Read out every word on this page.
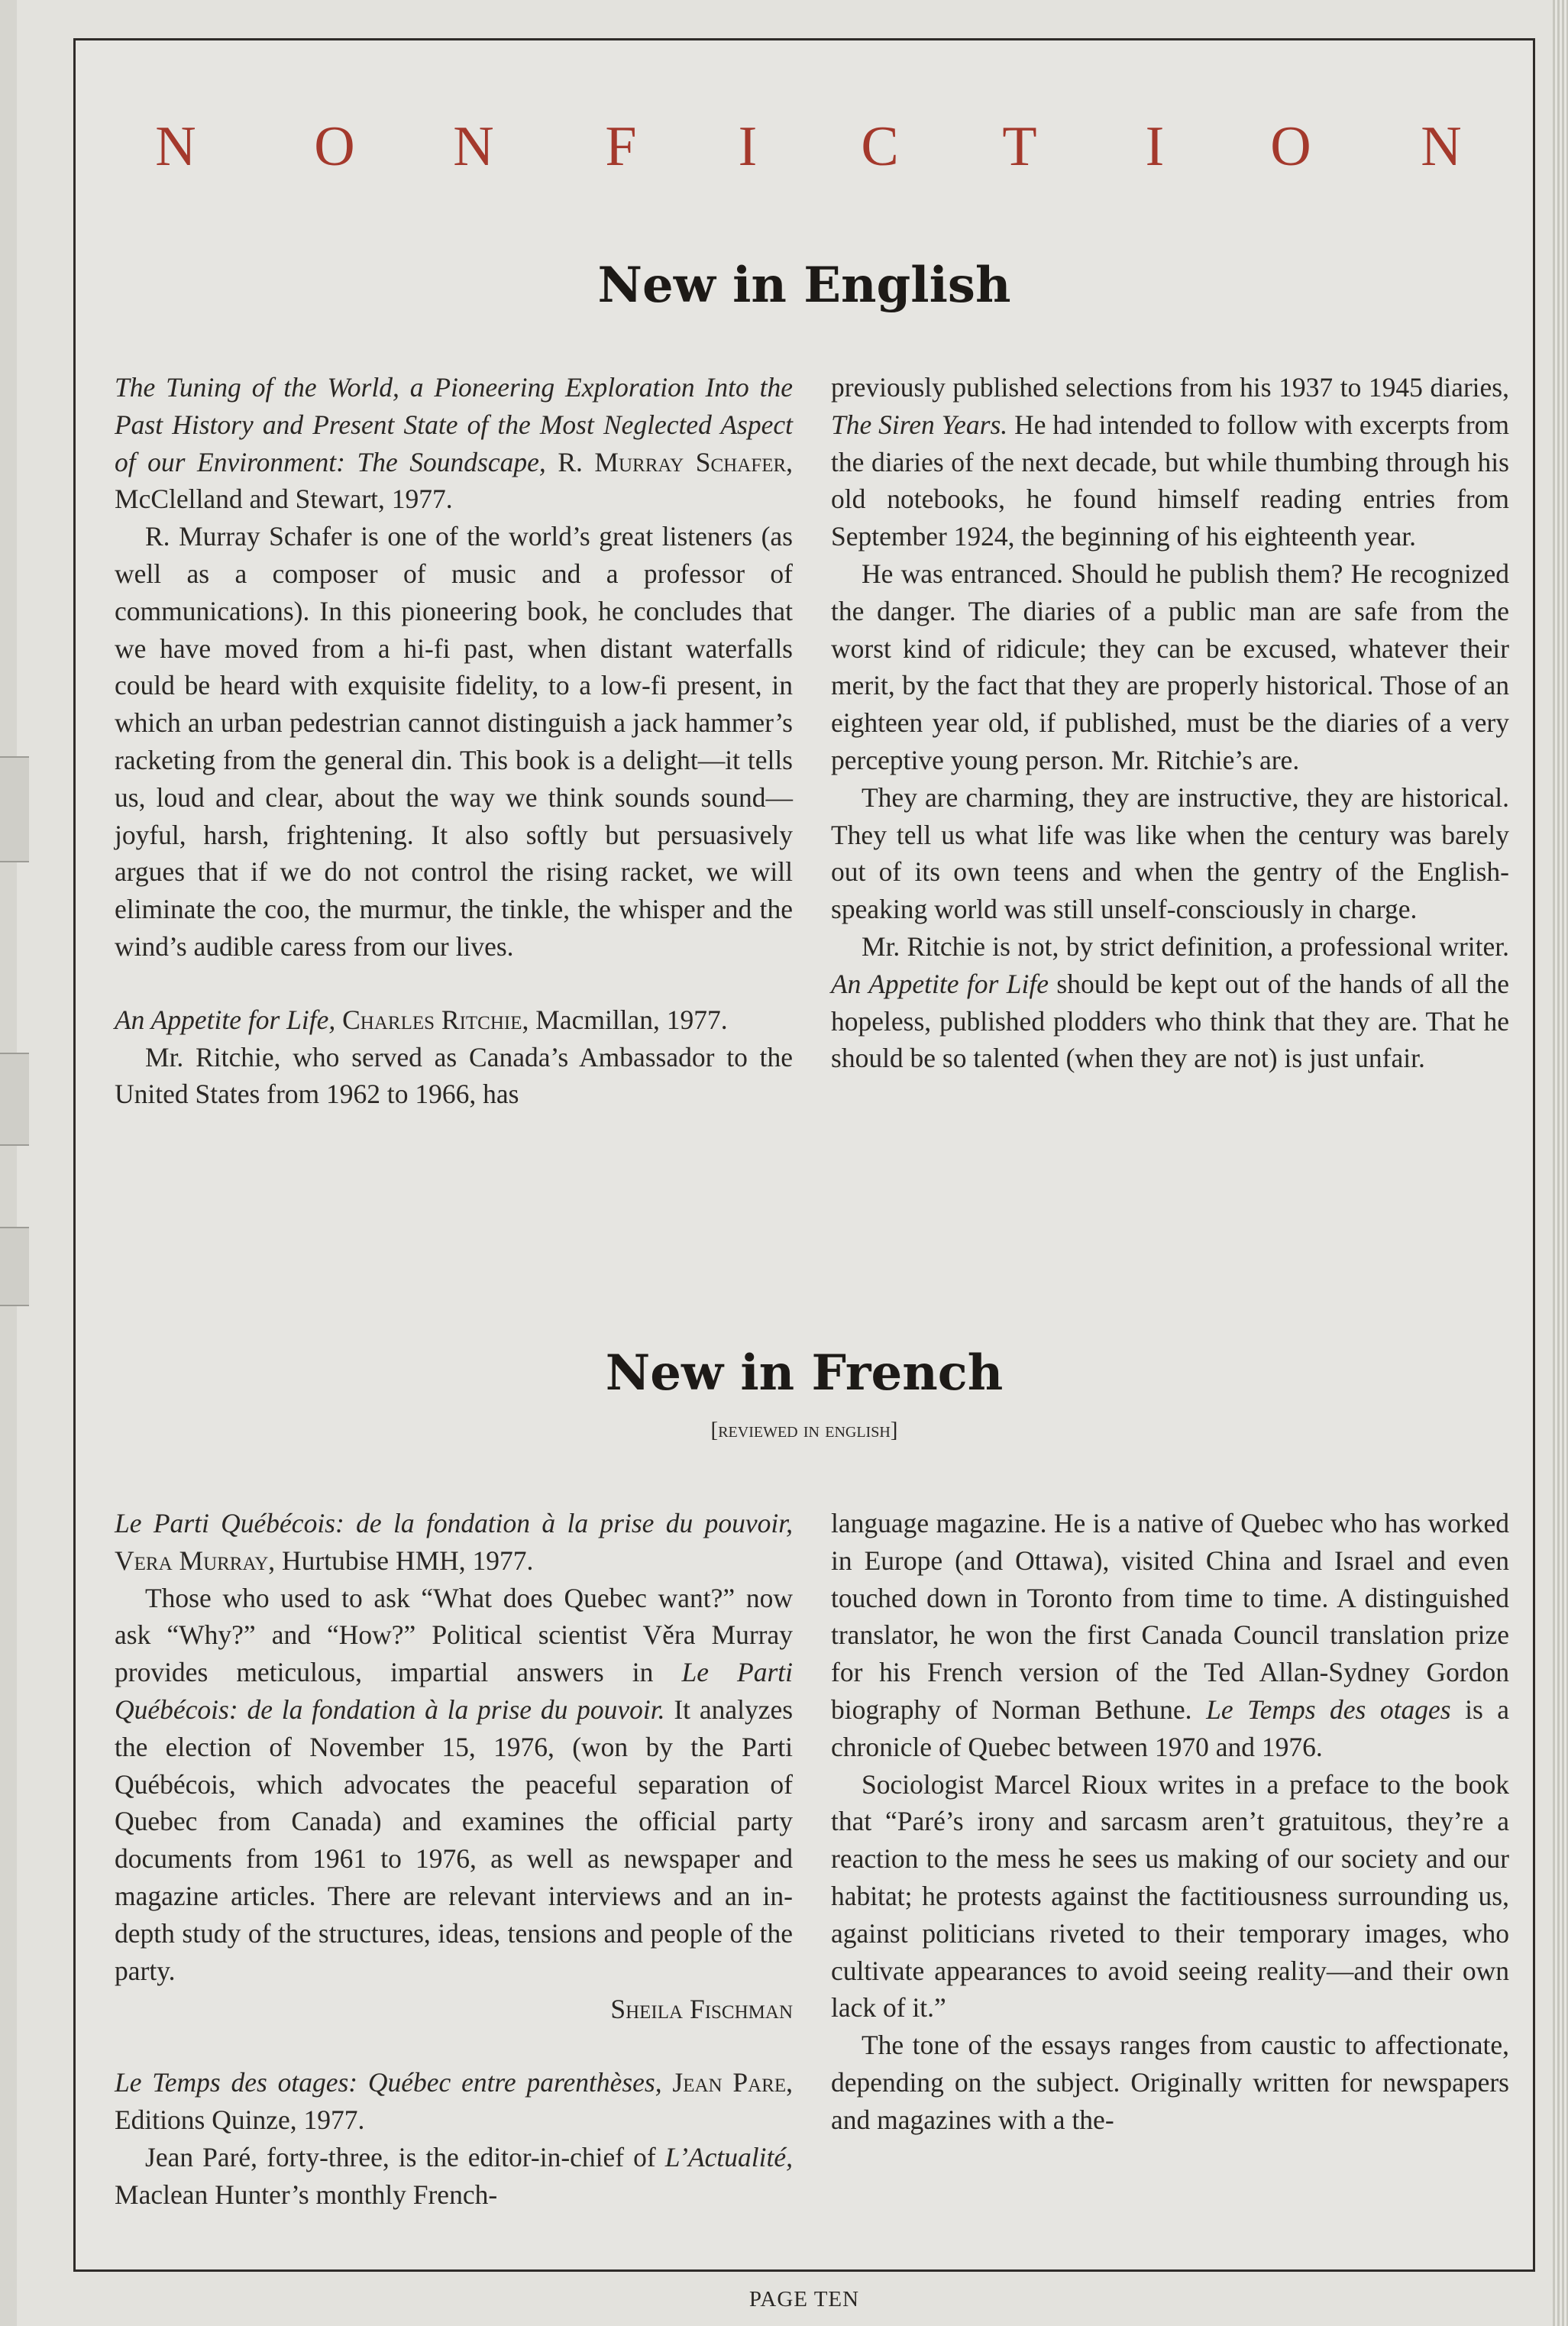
N O N	F	I	C	T	I	O N
New in English

The Tuning of the World, a Pioneering Exploration Into the Past History and Present State of the Most Neglected Aspect of our Environment: The Soundscape, R. Murray Schafer, McClelland and Stewart, 1977.

R. Murray Schafer is one of the world’s great listeners (as well as a composer of music and a professor of communications). In this pioneering book, he concludes that we have moved from a hi-fi past, when distant waterfalls could be heard with exquisite fidelity, to a low-fi present, in which an urban pedestrian cannot distinguish a jack hammer’s racketing from the general din. This book is a delight—it tells us, loud and clear, about the way we think sounds sound—joyful, harsh, frightening. It also softly but persuasively argues that if we do not control the rising racket, we will eliminate the coo, the murmur, the tinkle, the whisper and the wind’s audible caress from our lives.

An Appetite for Life, Charles Ritchie, Macmillan, 1977.

Mr. Ritchie, who served as Canada’s Ambassador to the United States from 1962 to 1966, has

previously published selections from his 1937 to 1945 diaries, The Siren Years. He had intended to follow with excerpts from the diaries of the next decade, but while thumbing through his old notebooks, he found himself reading entries from September 1924, the beginning of his eighteenth year.

He was entranced. Should he publish them? He recognized the danger. The diaries of a public man are safe from the worst kind of ridicule; they can be excused, whatever their merit, by the fact that they are properly historical. Those of an eighteen year old, if published, must be the diaries of a very perceptive young person. Mr. Ritchie’s are.

They are charming, they are instructive, they are historical. They tell us what life was like when the century was barely out of its own teens and when the gentry of the English-speaking world was still unself-consciously in charge.

Mr. Ritchie is not, by strict definition, a professional writer. An Appetite for Life should be kept out of the hands of all the hopeless, published plodders who think that they are. That he should be so talented (when they are not) is just unfair.

New in French
[reviewed in english]

Le Parti Québécois: de la fondation à la prise du pouvoir, Vera Murray, Hurtubise HMH, 1977.

Those who used to ask “What does Quebec want?” now ask “Why?” and “How?” Political scientist Věra Murray provides meticulous, impartial answers in Le Parti Québécois: de la fondation à la prise du pouvoir. It analyzes the election of November 15, 1976, (won by the Parti Québécois, which advocates the peaceful separation of Quebec from Canada) and examines the official party documents from 1961 to 1976, as well as newspaper and magazine articles. There are relevant interviews and an in-depth study of the structures, ideas, tensions and people of the party.

Sheila Fischman

Le Temps des otages: Québec entre parenthèses, Jean Pare, Editions Quinze, 1977.

Jean Paré, forty-three, is the editor-in-chief of L’Actualité, Maclean Hunter’s monthly French-

language magazine. He is a native of Quebec who has worked in Europe (and Ottawa), visited China and Israel and even touched down in Toronto from time to time. A distinguished translator, he won the first Canada Council translation prize for his French version of the Ted Allan-Sydney Gordon biography of Norman Bethune. Le Temps des otages is a chronicle of Quebec between 1970 and 1976.

Sociologist Marcel Rioux writes in a preface to the book that “Paré’s irony and sarcasm aren’t gratuitous, they’re a reaction to the mess he sees us making of our society and our habitat; he protests against the factitiousness surrounding us, against politicians riveted to their temporary images, who cultivate appearances to avoid seeing reality—and their own lack of it.”

The tone of the essays ranges from caustic to affectionate, depending on the subject. Originally written for newspapers and magazines with a the-

PAGE TEN
